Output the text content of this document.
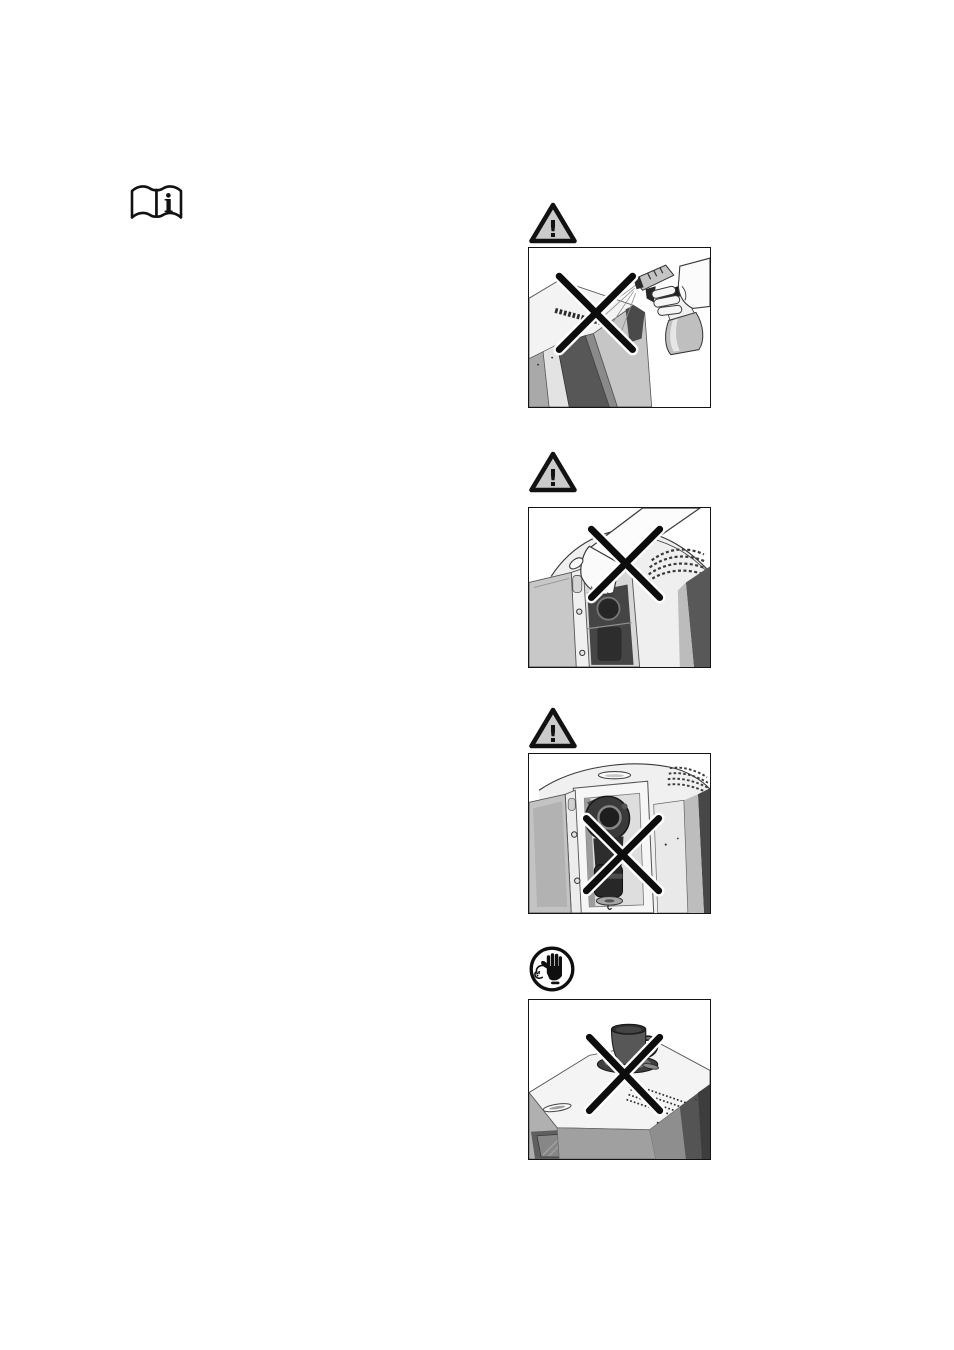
i
!
!
!
